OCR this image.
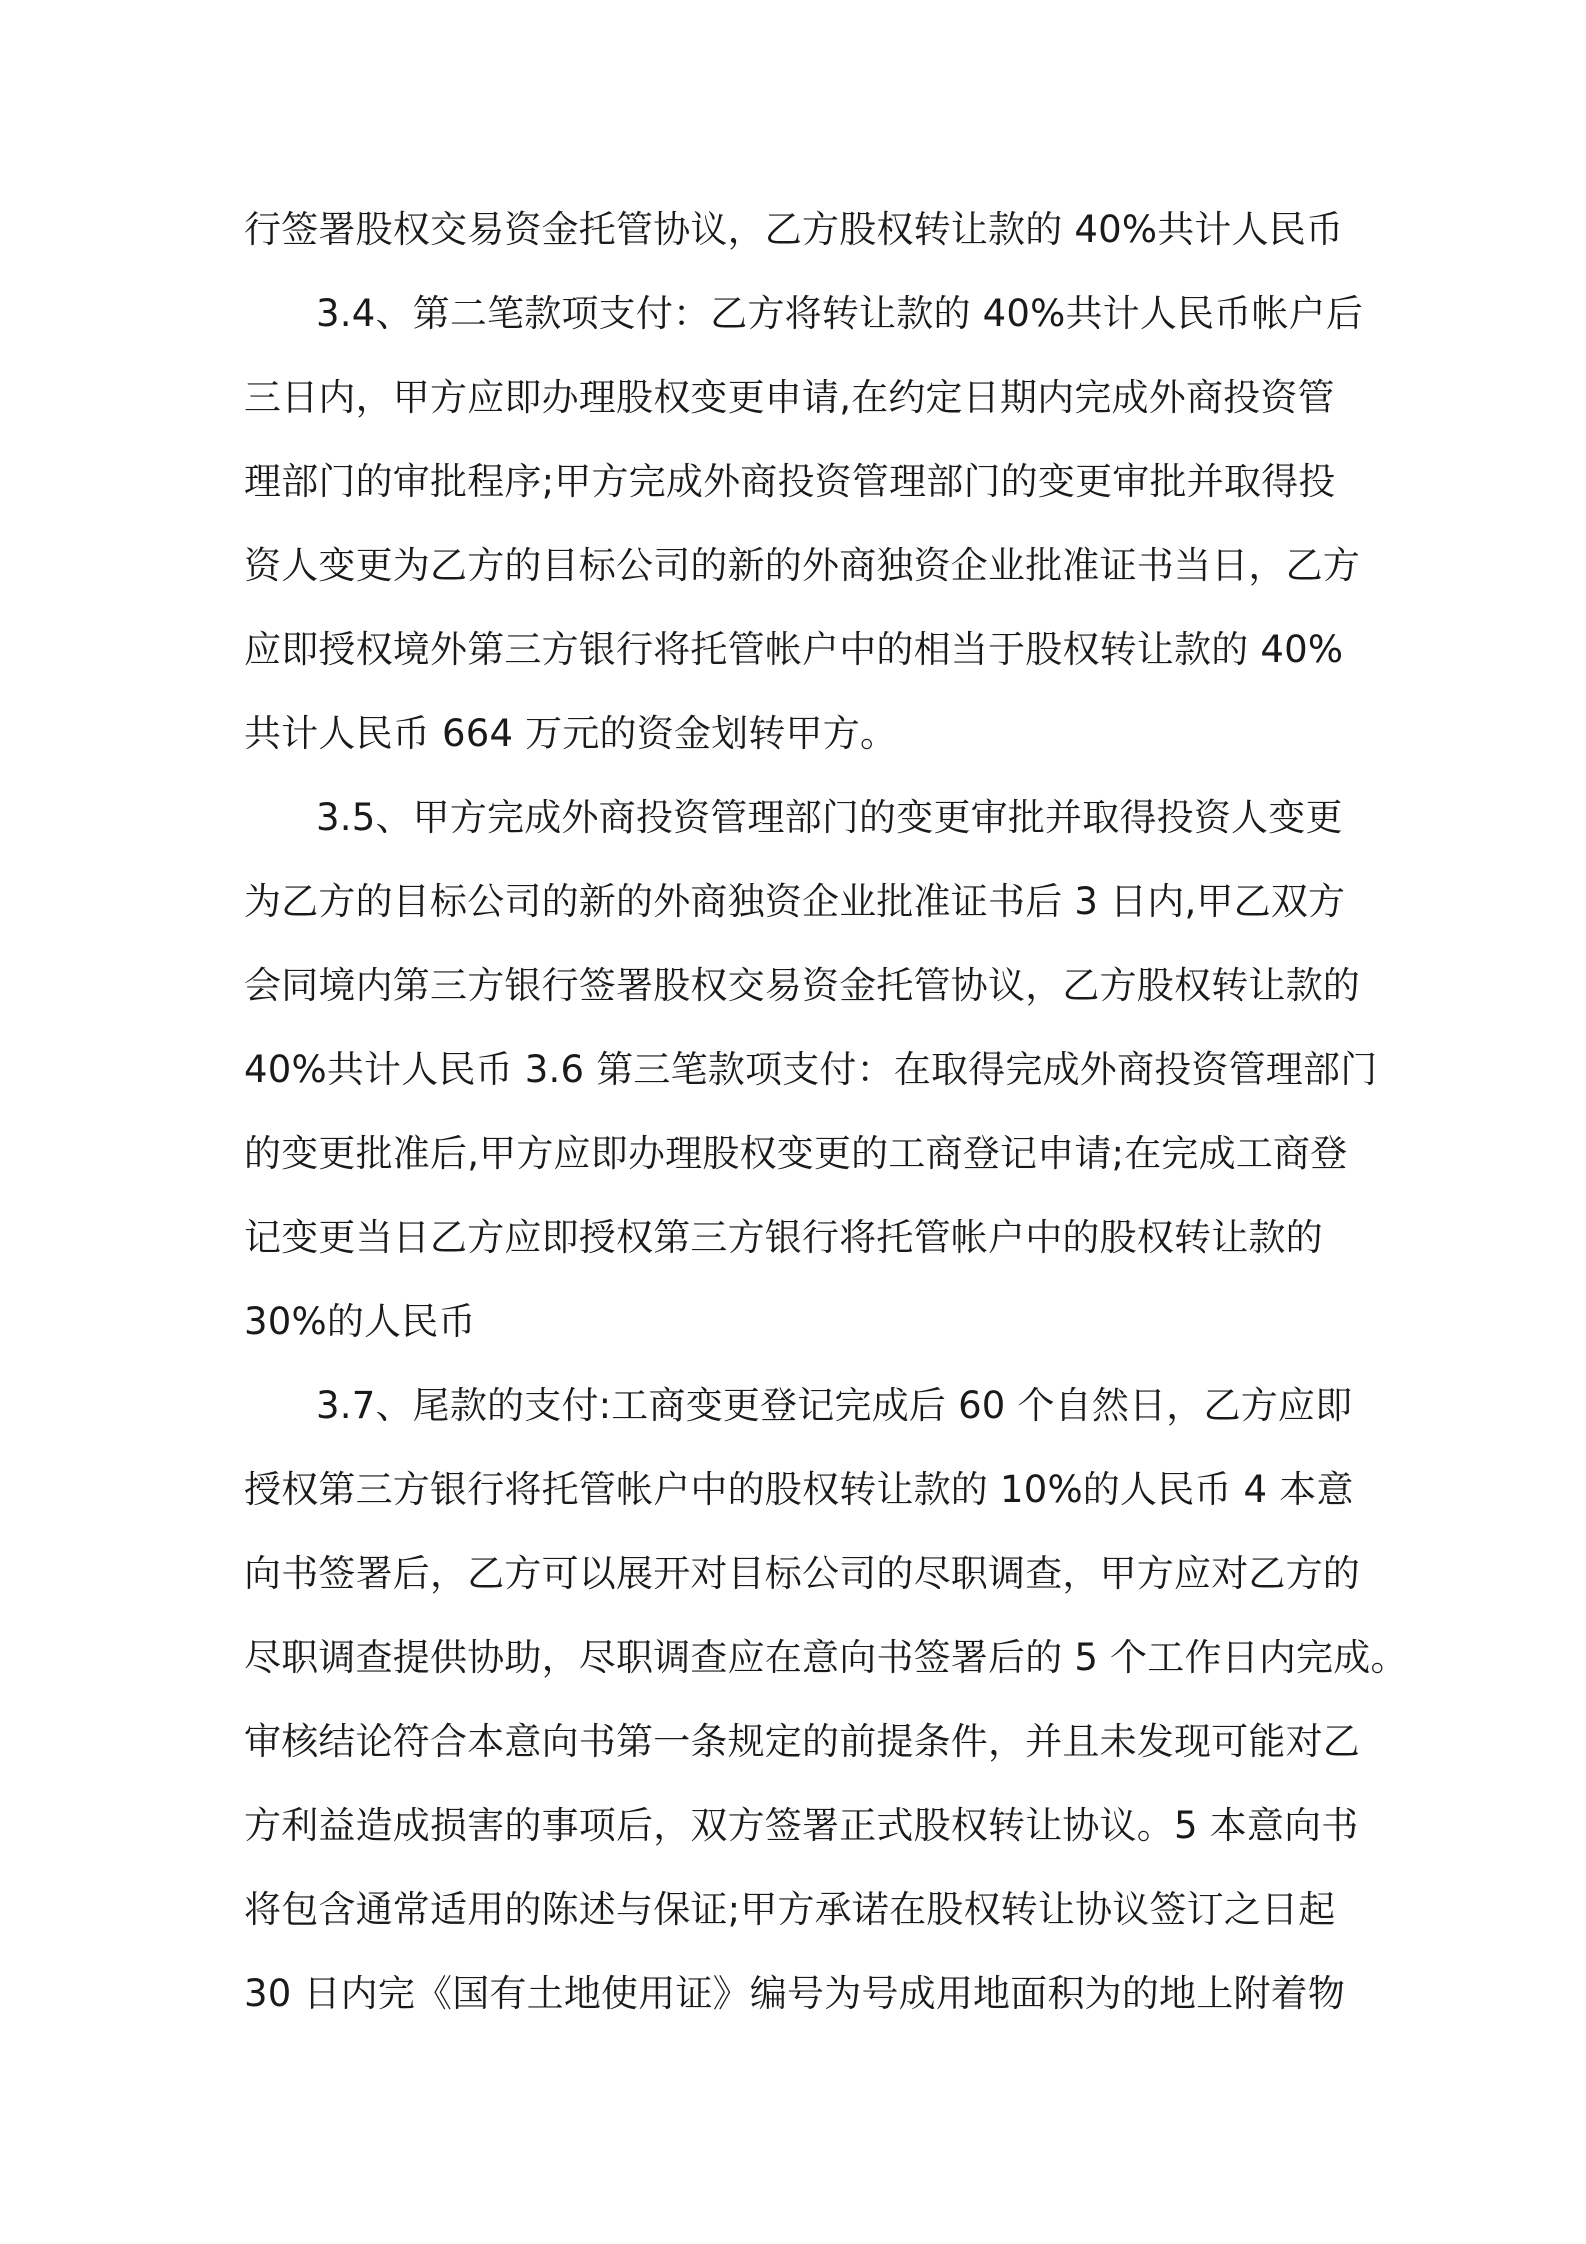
行签署股权交易资金托管协议，乙方股权转让款的 40%共计人民币
3.4、第二笔款项支付：乙方将转让款的 40%共计人民币帐户后
三日内，甲方应即办理股权变更申请,在约定日期内完成外商投资管
理部门的审批程序;甲方完成外商投资管理部门的变更审批并取得投
资人变更为乙方的目标公司的新的外商独资企业批准证书当日，乙方
应即授权境外第三方银行将托管帐户中的相当于股权转让款的 40%
共计人民币 664 万元的资金划转甲方。
3.5、甲方完成外商投资管理部门的变更审批并取得投资人变更
为乙方的目标公司的新的外商独资企业批准证书后 3 日内,甲乙双方
会同境内第三方银行签署股权交易资金托管协议，乙方股权转让款的
40%共计人民币 3.6 第三笔款项支付：在取得完成外商投资管理部门
的变更批准后,甲方应即办理股权变更的工商登记申请;在完成工商登
记变更当日乙方应即授权第三方银行将托管帐户中的股权转让款的
30%的人民币
3.7、尾款的支付:工商变更登记完成后 60 个自然日，乙方应即
授权第三方银行将托管帐户中的股权转让款的 10%的人民币 4 本意
向书签署后，乙方可以展开对目标公司的尽职调查，甲方应对乙方的
尽职调查提供协助，尽职调查应在意向书签署后的 5 个工作日内完成。
审核结论符合本意向书第一条规定的前提条件，并且未发现可能对乙
方利益造成损害的事项后，双方签署正式股权转让协议。5 本意向书
将包含通常适用的陈述与保证;甲方承诺在股权转让协议签订之日起
30 日内完《国有土地使用证》编号为号成用地面积为的地上附着物
